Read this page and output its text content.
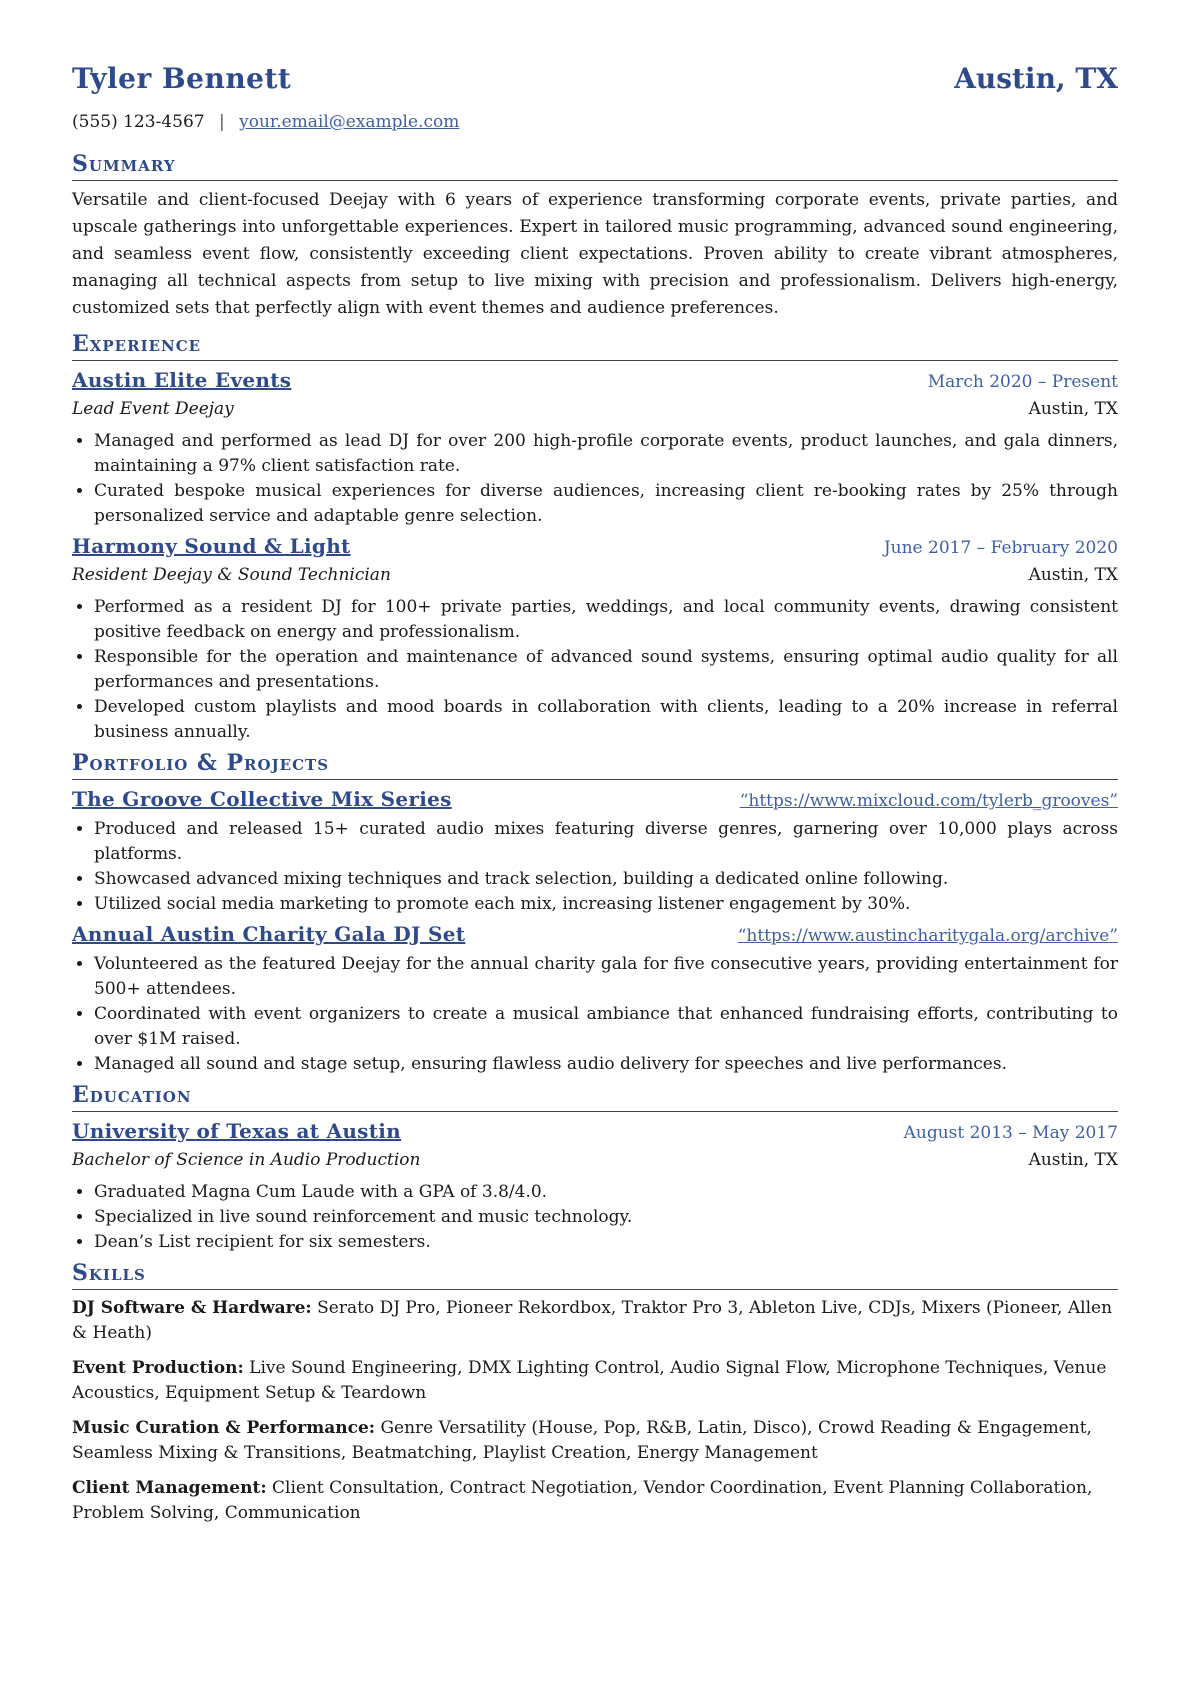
Tyler Bennett	Austin, TX
(555) 123-4567 | your.email@example.com
Summary

Versatile and client-focused Deejay with 6 years of experience transforming corporate events, private parties, and upscale gatherings into unforgettable experiences. Expert in tailored music programming, advanced sound engineering, and seamless event flow, consistently exceeding client expectations. Proven ability to create vibrant atmospheres, managing all technical aspects from setup to live mixing with precision and professionalism. Delivers high-energy, customized sets that perfectly align with event themes and audience preferences.

Experience
Austin Elite Events	March 2020 – Present
Lead Event Deejay	Austin, TX
• Managed and performed as lead DJ for over 200 high-profile corporate events, product launches, and gala dinners, maintaining a 97% client satisfaction rate.
• Curated bespoke musical experiences for diverse audiences, increasing client re-booking rates by 25% through personalized service and adaptable genre selection.
Harmony Sound & Light	June 2017 – February 2020
Resident Deejay & Sound Technician	Austin, TX
• Performed as a resident DJ for 100+ private parties, weddings, and local community events, drawing consistent positive feedback on energy and professionalism.
• Responsible for the operation and maintenance of advanced sound systems, ensuring optimal audio quality for all performances and presentations.
• Developed custom playlists and mood boards in collaboration with clients, leading to a 20% increase in referral business annually.
Portfolio & Projects
The Groove Collective Mix Series	“https://www.mixcloud.com/tylerb_grooves”
• Produced and released 15+ curated audio mixes featuring diverse genres, garnering over 10,000 plays across platforms.
• Showcased advanced mixing techniques and track selection, building a dedicated online following.
• Utilized social media marketing to promote each mix, increasing listener engagement by 30%.
Annual Austin Charity Gala DJ Set	“https://www.austincharitygala.org/archive”
• Volunteered as the featured Deejay for the annual charity gala for five consecutive years, providing entertainment for 500+ attendees.
• Coordinated with event organizers to create a musical ambiance that enhanced fundraising efforts, contributing to over $1M raised.
• Managed all sound and stage setup, ensuring flawless audio delivery for speeches and live performances.
Education
University of Texas at Austin	August 2013 – May 2017
Bachelor of Science in Audio Production	Austin, TX
• Graduated Magna Cum Laude with a GPA of 3.8/4.0.
• Specialized in live sound reinforcement and music technology.
• Dean’s List recipient for six semesters.
Skills

DJ Software & Hardware: Serato DJ Pro, Pioneer Rekordbox, Traktor Pro 3, Ableton Live, CDJs, Mixers (Pioneer, Allen & Heath)

Event Production: Live Sound Engineering, DMX Lighting Control, Audio Signal Flow, Microphone Techniques, Venue Acoustics, Equipment Setup & Teardown

Music Curation & Performance: Genre Versatility (House, Pop, R&B, Latin, Disco), Crowd Reading & Engagement, Seamless Mixing & Transitions, Beatmatching, Playlist Creation, Energy Management

Client Management: Client Consultation, Contract Negotiation, Vendor Coordination, Event Planning Collaboration, Problem Solving, Communication
